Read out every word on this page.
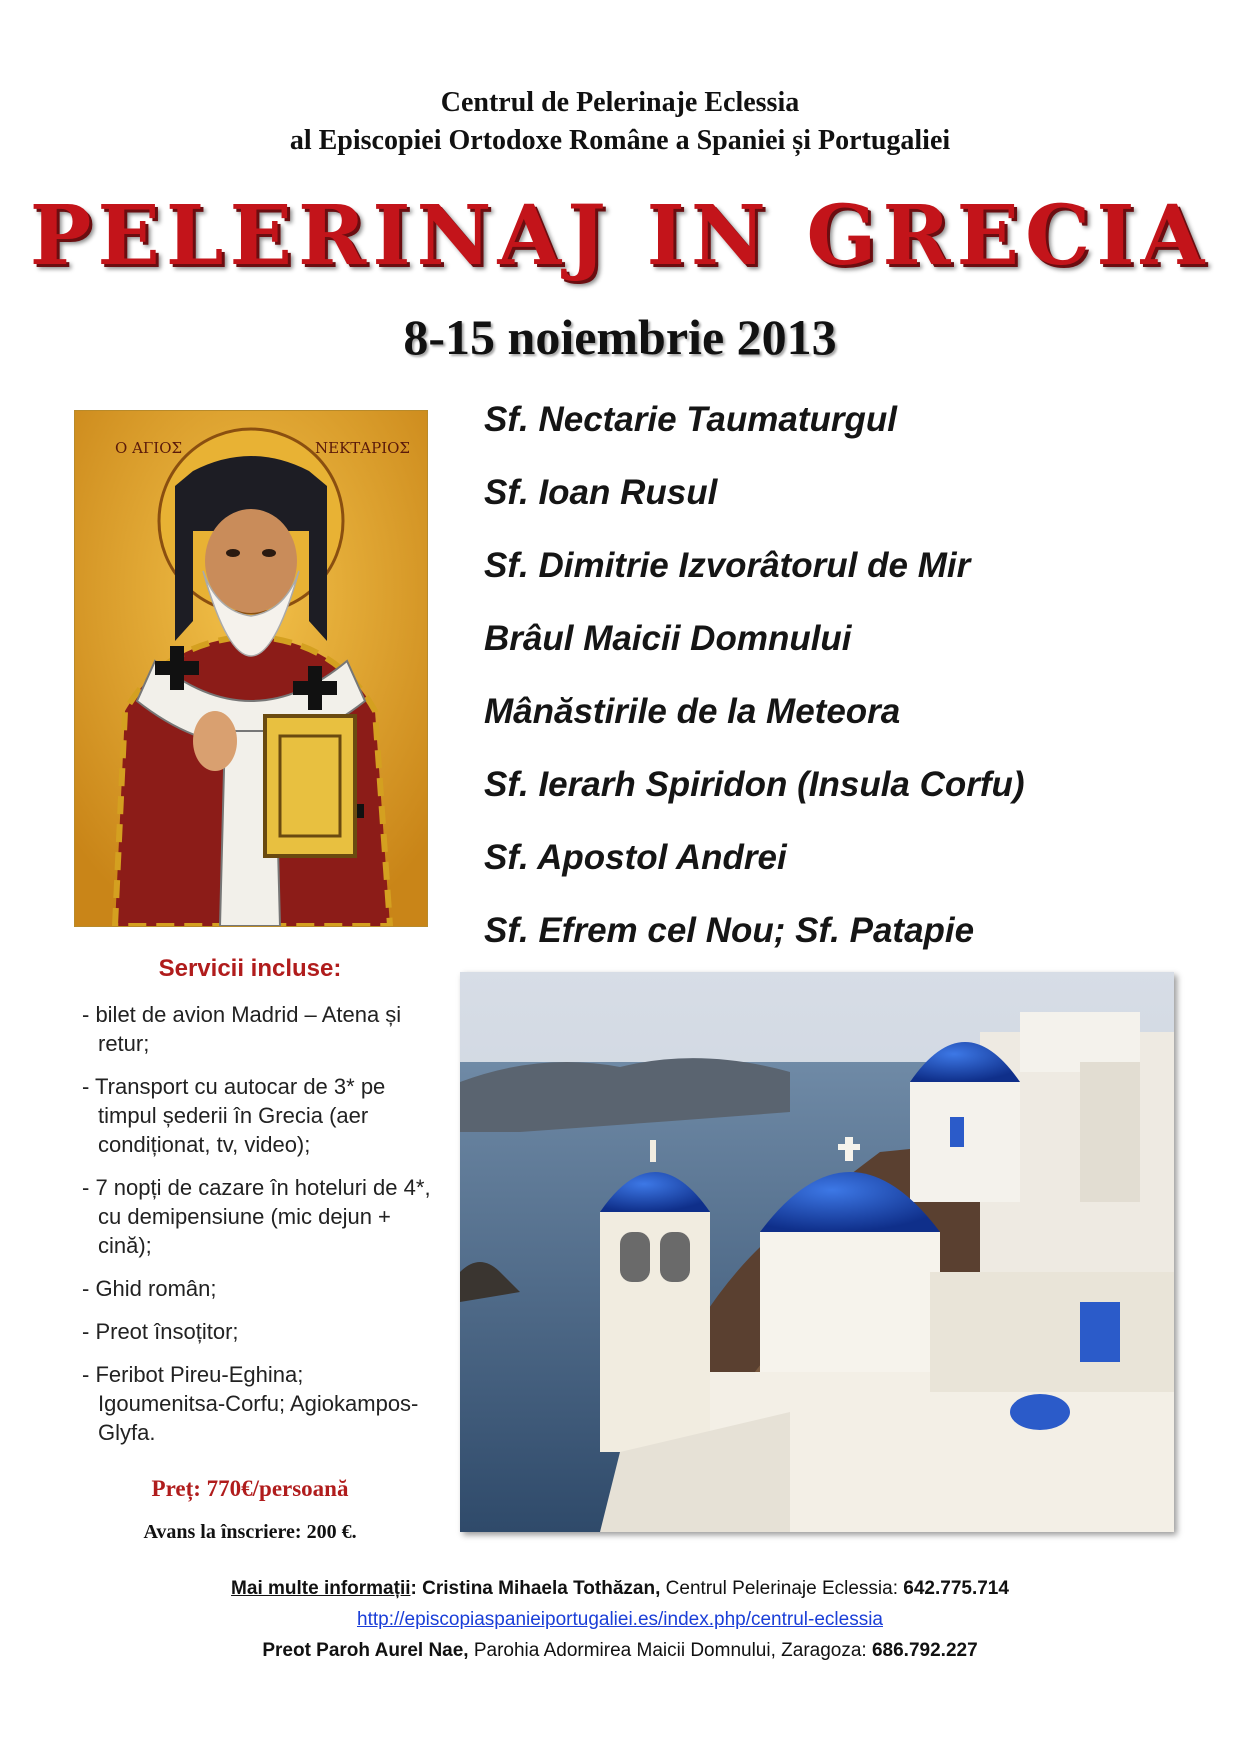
Centrul de Pelerinaje Eclessia
al Episcopiei Ortodoxe Române a Spaniei și Portugaliei
PELERINAJ IN GRECIA
8-15 noiembrie 2013
Ο ΑΓΙΟΣ	ΝΕΚΤΑΡΙΟΣ
Sf. Nectarie Taumaturgul
Sf. Ioan Rusul
Sf. Dimitrie Izvorâtorul de Mir
Brâul Maicii Domnului
Mânăstirile de la Meteora
Sf. Ierarh Spiridon (Insula Corfu)
Sf. Apostol Andrei
Sf. Efrem cel Nou; Sf. Patapie
Servicii incluse:
- bilet de avion Madrid – Atena și retur;
- Transport cu autocar de 3* pe timpul șederii în Grecia (aer condiționat, tv, video);
- 7 nopți de cazare în hoteluri de 4*, cu demipensiune (mic dejun + cină);
- Ghid român;
- Preot însoțitor;
- Feribot Pireu-Eghina; Igoumenitsa-Corfu; Agiokampos-Glyfa.
Preț: 770€/persoană
Avans la înscriere: 200 €.
Mai multe informații: Cristina Mihaela Tothăzan, Centrul Pelerinaje Eclessia: 642.775.714
http://episcopiaspanieiportugaliei.es/index.php/centrul-eclessia
Preot Paroh Aurel Nae, Parohia Adormirea Maicii Domnului, Zaragoza: 686.792.227
